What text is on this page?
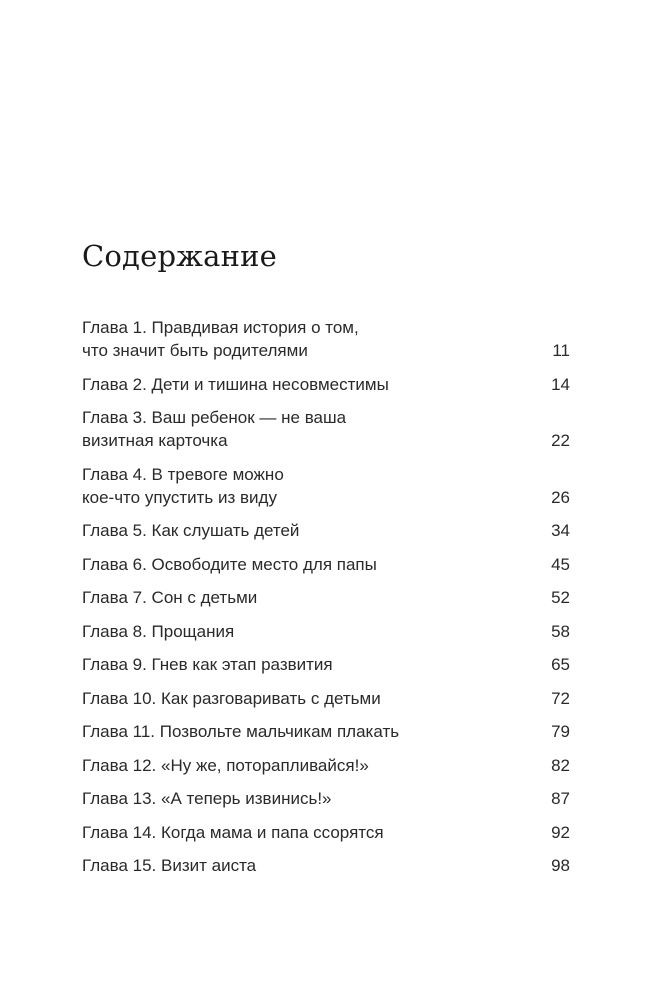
Содержание
Глава 1. Правдивая история о том,
что значит быть родителями	11
Глава 2. Дети и тишина несовместимы	14
Глава 3. Ваш ребенок — не ваша
визитная карточка	22
Глава 4. В тревоге можно
кое-что упустить из виду	26
Глава 5. Как слушать детей	34
Глава 6. Освободите место для папы	45
Глава 7. Сон с детьми	52
Глава 8. Прощания	58
Глава 9. Гнев как этап развития	65
Глава 10. Как разговаривать с детьми	72
Глава 11. Позвольте мальчикам плакать	79
Глава 12. «Ну же, поторапливайся!»	82
Глава 13. «А теперь извинись!»	87
Глава 14. Когда мама и папа ссорятся	92
Глава 15. Визит аиста	98
